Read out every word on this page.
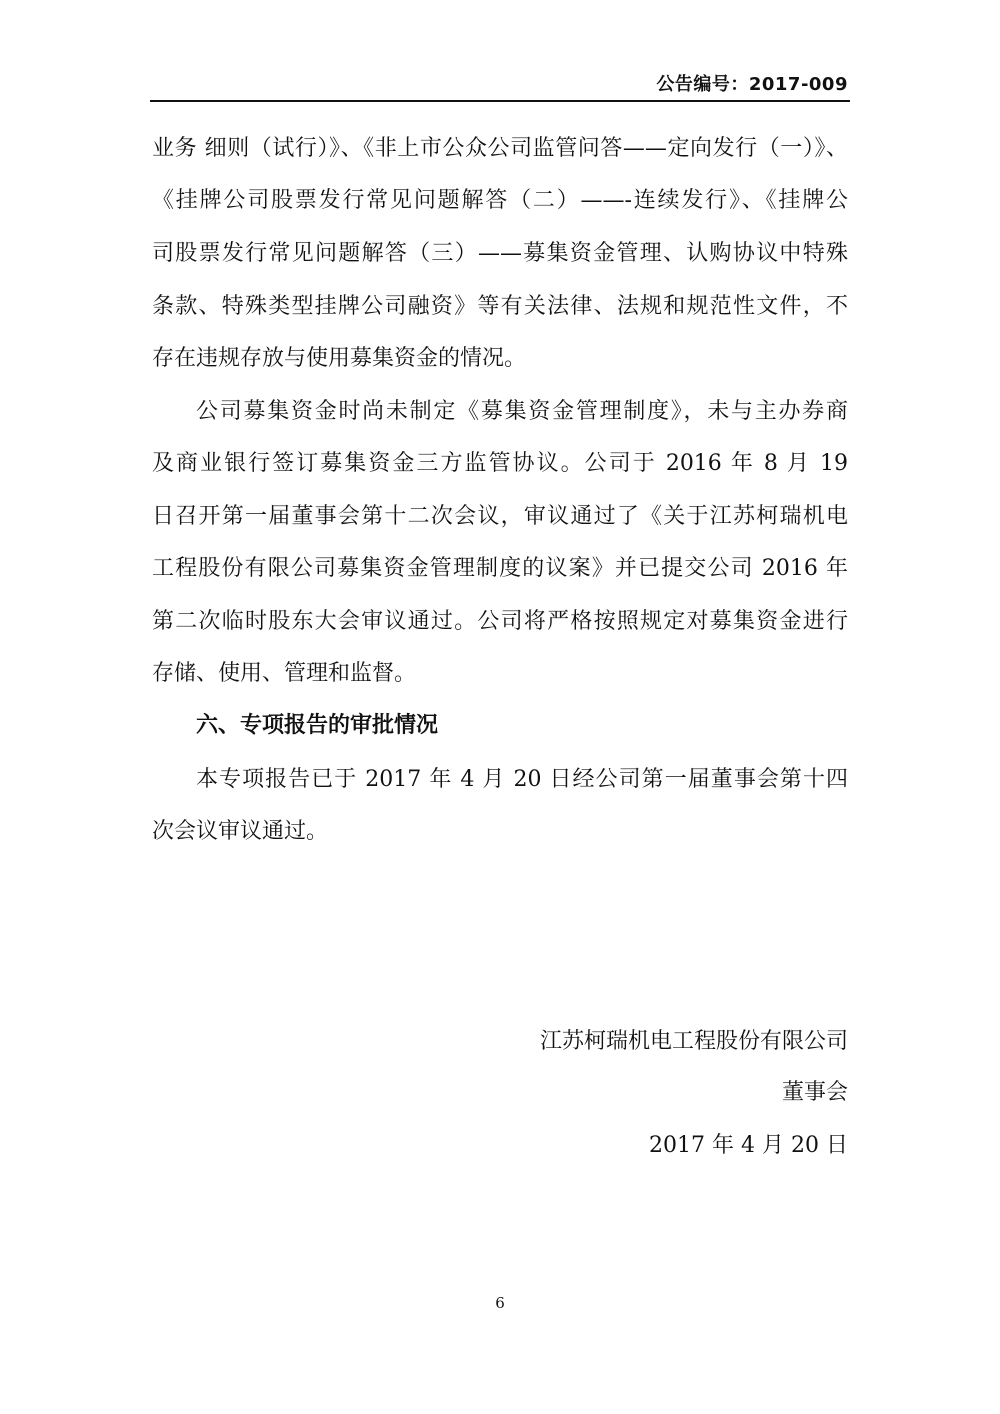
公告编号：2017-009
业务 细则（试行）》、《非上市公众公司监管问答——定向发行（一）》、
《挂牌公司股票发行常见问题解答（二）——-连续发行》、《挂牌公
司股票发行常见问题解答（三）——募集资金管理、认购协议中特殊
条款、特殊类型挂牌公司融资》等有关法律、法规和规范性文件，不
存在违规存放与使用募集资金的情况。
公司募集资金时尚未制定《募集资金管理制度》，未与主办券商
及商业银行签订募集资金三方监管协议。公司于 2016 年 8 月 19
日召开第一届董事会第十二次会议，审议通过了《关于江苏柯瑞机电
工程股份有限公司募集资金管理制度的议案》并已提交公司 2016 年
第二次临时股东大会审议通过。公司将严格按照规定对募集资金进行
存储、使用、管理和监督。
六、专项报告的审批情况
本专项报告已于 2017 年 4 月 20 日经公司第一届董事会第十四
次会议审议通过。
江苏柯瑞机电工程股份有限公司
董事会
2017 年 4 月 20 日
6
